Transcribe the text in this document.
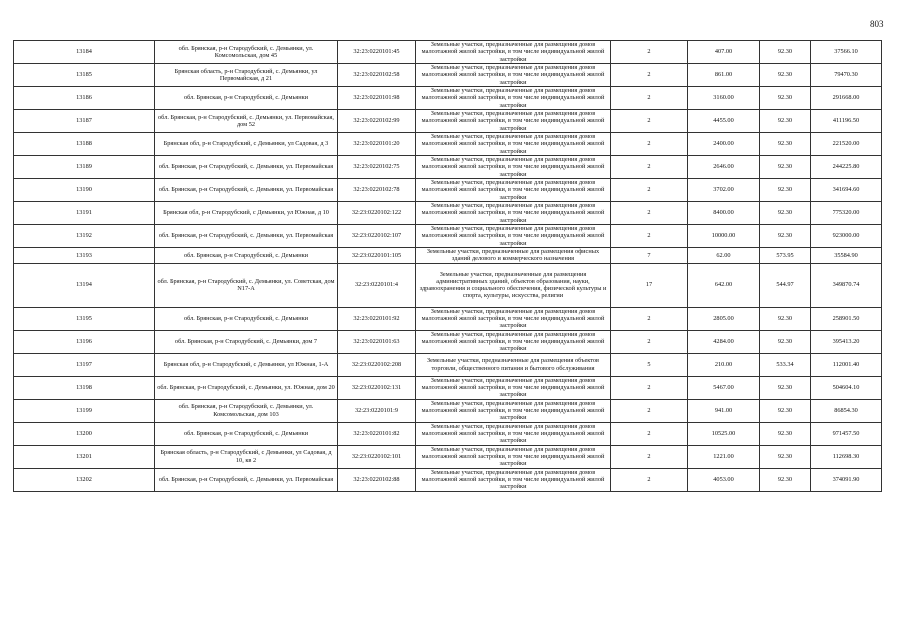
803
13184	обл. Брянская, р-н Стародубский, с. Демьянки, ул. Комсомольская, дом 45	32:23:0220101:45	Земельные участки, предназначенные для размещения домов малоэтажной жилой застройки, в том числе индивидуальной жилой застройки	2	407.00	92.30	37566.10
13185	Брянская область, р-н Стародубский, с. Демьянки, ул Первомайская, д 21	32:23:0220102:58	Земельные участки, предназначенные для размещения домов малоэтажной жилой застройки, в том числе индивидуальной жилой застройки	2	861.00	92.30	79470.30
13186	обл. Брянская, р-н Стародубский, с. Демьянки	32:23:0220101:98	Земельные участки, предназначенные для размещения домов малоэтажной жилой застройки, в том числе индивидуальной жилой застройки	2	3160.00	92.30	291668.00
13187	обл. Брянская, р-н Стародубский, с. Демьянки, ул. Первомайская, дом 52	32:23:0220102:99	Земельные участки, предназначенные для размещения домов малоэтажной жилой застройки, в том числе индивидуальной жилой застройки	2	4455.00	92.30	411196.50
13188	Брянская обл, р-н Стародубский, с Демьянки, ул Садовая, д 3	32:23:0220101:20	Земельные участки, предназначенные для размещения домов малоэтажной жилой застройки, в том числе индивидуальной жилой застройки	2	2400.00	92.30	221520.00
13189	обл. Брянская, р-н Стародубский, с. Демьянки, ул. Первомайская	32:23:0220102:75	Земельные участки, предназначенные для размещения домов малоэтажной жилой застройки, в том числе индивидуальной жилой застройки	2	2646.00	92.30	244225.80
13190	обл. Брянская, р-н Стародубский, с. Демьянки, ул. Первомайская	32:23:0220102:78	Земельные участки, предназначенные для размещения домов малоэтажной жилой застройки, в том числе индивидуальной жилой застройки	2	3702.00	92.30	341694.60
13191	Брянская обл, р-н Стародубский, с Демьянки, ул Южная, д 10	32:23:0220102:122	Земельные участки, предназначенные для размещения домов малоэтажной жилой застройки, в том числе индивидуальной жилой застройки	2	8400.00	92.30	775320.00
13192	обл. Брянская, р-н Стародубский, с. Демьянки, ул. Первомайская	32:23:0220102:107	Земельные участки, предназначенные для размещения домов малоэтажной жилой застройки, в том числе индивидуальной жилой застройки	2	10000.00	92.30	923000.00
13193	обл. Брянская, р-н Стародубский, с. Демьянки	32:23:0220101:105	Земельные участки, предназначенные для размещения офисных зданий делового и коммерческого назначения	7	62.00	573.95	35584.90
13194	обл. Брянская, р-н Стародубский, с. Демьянки, ул. Советская, дом N17-А	32:23:0220101:4	Земельные участки, предназначенные для размещения административных зданий, объектов образования, науки, здравоохранения и социального обеспечения, физической культуры и спорта, культуры, искусства, религии	17	642.00	544.97	349870.74
13195	обл. Брянская, р-н Стародубский, с. Демьянки	32:23:0220101:92	Земельные участки, предназначенные для размещения домов малоэтажной жилой застройки, в том числе индивидуальной жилой застройки	2	2805.00	92.30	258901.50
13196	обл. Брянская, р-н Стародубский, с. Демьянки, дом 7	32:23:0220101:63	Земельные участки, предназначенные для размещения домов малоэтажной жилой застройки, в том числе индивидуальной жилой застройки	2	4284.00	92.30	395413.20
13197	Брянская обл, р-н Стародубский, с Демьянки, ул Южная, 1-А	32:23:0220102:208	Земельные участки, предназначенные для размещения объектов торговли, общественного питания и бытового обслуживания	5	210.00	533.34	112001.40
13198	обл. Брянская, р-н Стародубский, с. Демьянки, ул. Южная, дом 20	32:23:0220102:131	Земельные участки, предназначенные для размещения домов малоэтажной жилой застройки, в том числе индивидуальной жилой застройки	2	5467.00	92.30	504604.10
13199	обл. Брянская, р-н Стародубский, с. Демьянки, ул. Комсомольская, дом 103	32:23:0220101:9	Земельные участки, предназначенные для размещения домов малоэтажной жилой застройки, в том числе индивидуальной жилой застройки	2	941.00	92.30	86854.30
13200	обл. Брянская, р-н Стародубский, с. Демьянки	32:23:0220101:82	Земельные участки, предназначенные для размещения домов малоэтажной жилой застройки, в том числе индивидуальной жилой застройки	2	10525.00	92.30	971457.50
13201	Брянская область, р-н Стародубский, с Демьянки, ул Садовая, д 10, кв 2	32:23:0220102:101	Земельные участки, предназначенные для размещения домов малоэтажной жилой застройки, в том числе индивидуальной жилой застройки	2	1221.00	92.30	112698.30
13202	обл. Брянская, р-н Стародубский, с. Демьянки, ул. Первомайская	32:23:0220102:88	Земельные участки, предназначенные для размещения домов малоэтажной жилой застройки, в том числе индивидуальной жилой застройки	2	4053.00	92.30	374091.90
